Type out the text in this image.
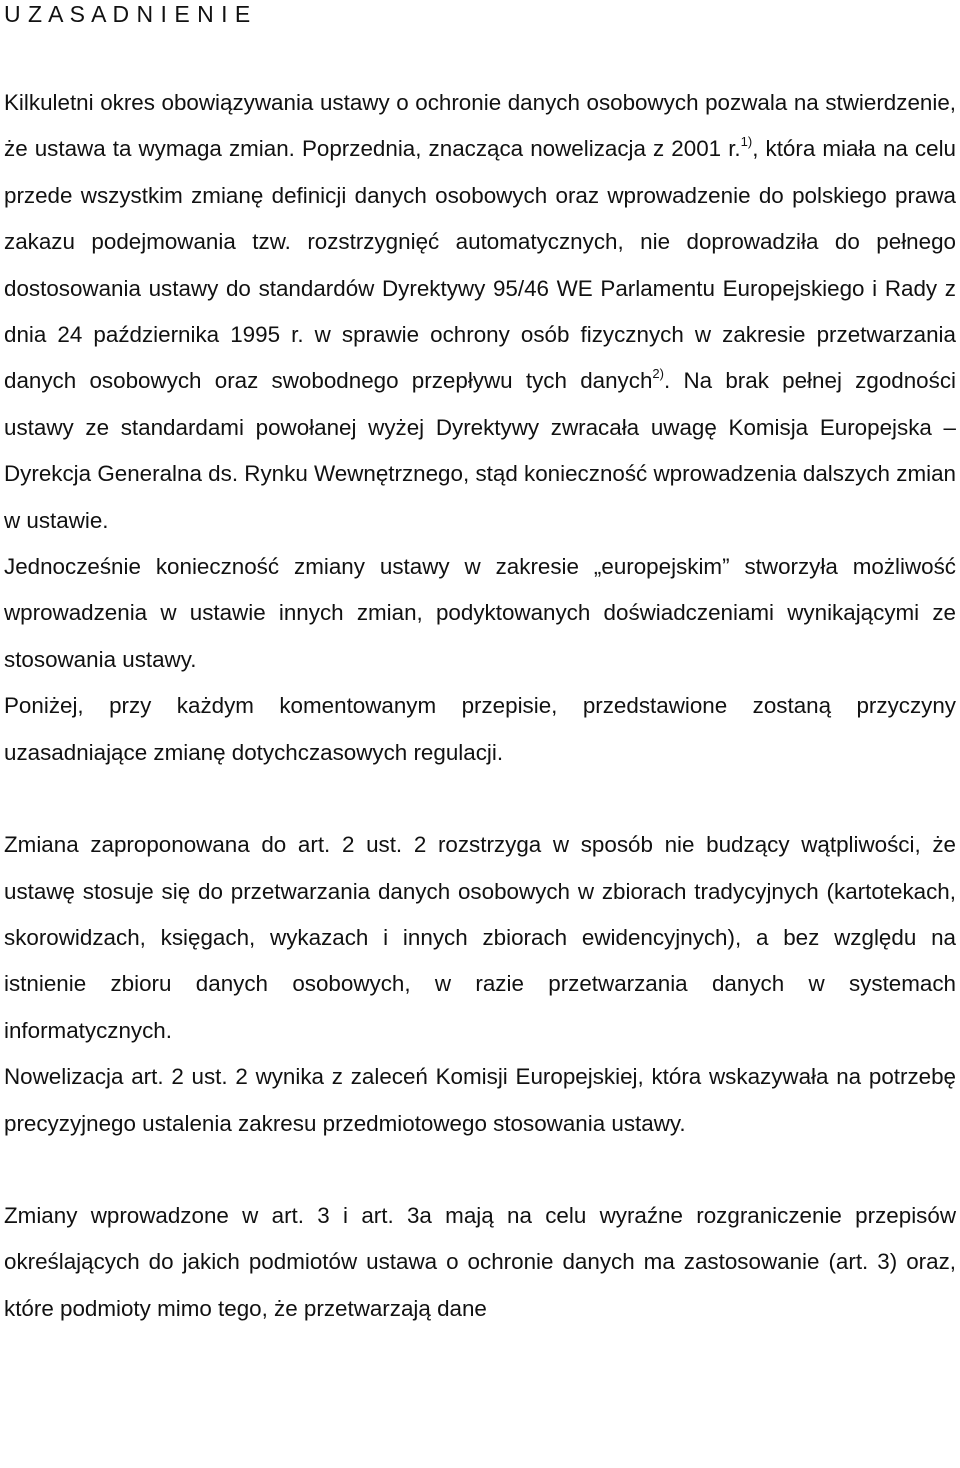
U Z A S A D N I E N I E

Kilkuletni okres obowiązywania ustawy o ochronie danych osobowych pozwala na stwierdzenie, że ustawa ta wymaga zmian. Poprzednia, znacząca nowelizacja z 2001 r.$^{1)}$, która miała na celu przede wszystkim zmianę definicji danych osobowych oraz wprowadzenie do polskiego prawa zakazu podejmowania tzw. rozstrzygnięć automatycznych, nie doprowadziła do pełnego dostosowania ustawy do standardów Dyrektywy 95/46 WE Parlamentu Europejskiego i Rady z dnia 24 października 1995 r. w sprawie ochrony osób fizycznych w zakresie przetwarzania danych osobowych oraz swobodnego przepływu tych danych$^{2)}$. Na brak pełnej zgodności ustawy ze standardami powołanej wyżej Dyrektywy zwracała uwagę Komisja Europejska – Dyrekcja Generalna ds. Rynku Wewnętrznego, stąd konieczność wprowadzenia dalszych zmian w ustawie.

Jednocześnie konieczność zmiany ustawy w zakresie „europejskim” stworzyła możliwość wprowadzenia w ustawie innych zmian, podyktowanych doświadczeniami wynikającymi ze stosowania ustawy.

Poniżej, przy każdym komentowanym przepisie, przedstawione zostaną przyczyny uzasadniające zmianę dotychczasowych regulacji.

Zmiana zaproponowana do art. 2 ust. 2 rozstrzyga w sposób nie budzący wątpliwości, że ustawę stosuje się do przetwarzania danych osobowych w zbiorach tradycyjnych (kartotekach, skorowidzach, księgach, wykazach i innych zbiorach ewidencyjnych), a bez względu na istnienie zbioru danych osobowych, w razie przetwarzania danych w systemach informatycznych.

Nowelizacja art. 2 ust. 2 wynika z zaleceń Komisji Europejskiej, która wskazywała na potrzebę precyzyjnego ustalenia zakresu przedmiotowego stosowania ustawy.

Zmiany wprowadzone w art. 3 i art. 3a mają na celu wyraźne rozgraniczenie przepisów określających do jakich podmiotów ustawa o ochronie danych ma zastosowanie (art. 3) oraz, które podmioty mimo tego, że przetwarzają dane
